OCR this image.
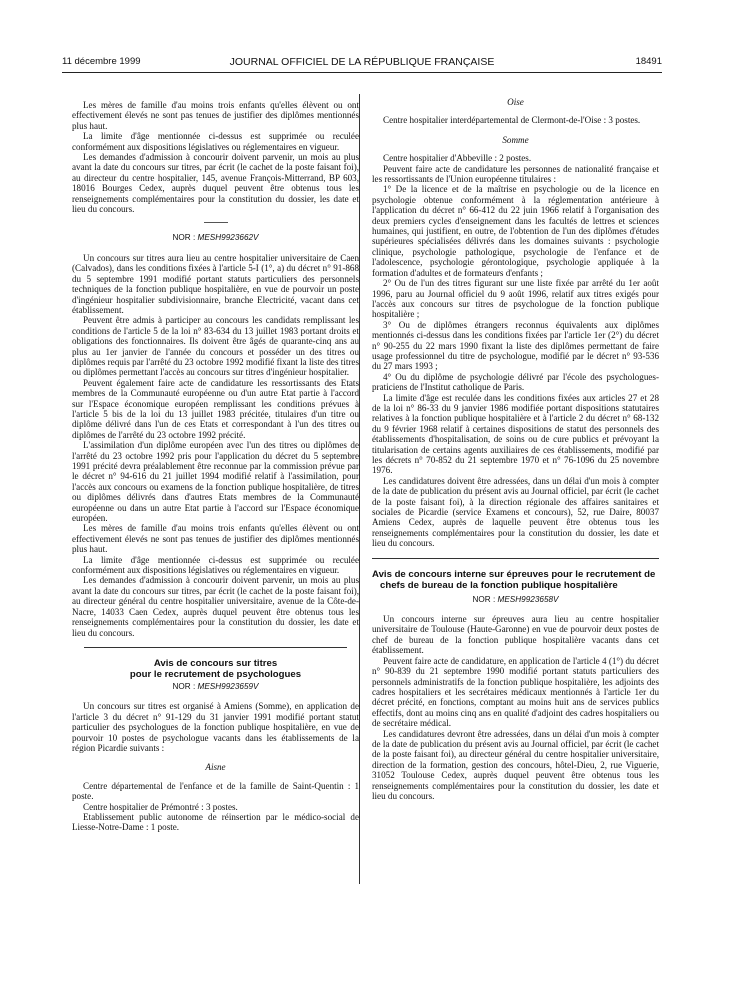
11 décembre 1999	JOURNAL OFFICIEL DE LA RÉPUBLIQUE FRANÇAISE	18491

Les mères de famille d'au moins trois enfants qu'elles élèvent ou ont effectivement élevés ne sont pas tenues de justifier des diplômes mentionnés plus haut.

La limite d'âge mentionnée ci-dessus est supprimée ou reculée conformément aux dispositions législatives ou réglementaires en vigueur.

Les demandes d'admission à concourir doivent parvenir, un mois au plus avant la date du concours sur titres, par écrit (le cachet de la poste faisant foi), au directeur du centre hospitalier, 145, avenue François-Mitterrand, BP 603, 18016 Bourges Cedex, auprès duquel peuvent être obtenus tous les renseignements complémentaires pour la constitution du dossier, les date et lieu du concours.

NOR : MESH9923662V

Un concours sur titres aura lieu au centre hospitalier universitaire de Caen (Calvados), dans les conditions fixées à l'article 5-I (1°, a) du décret n° 91-868 du 5 septembre 1991 modifié portant statuts particuliers des personnels techniques de la fonction publique hospitalière, en vue de pourvoir un poste d'ingénieur hospitalier subdivisionnaire, branche Electricité, vacant dans cet établissement.

Peuvent être admis à participer au concours les candidats remplissant les conditions de l'article 5 de la loi n° 83-634 du 13 juillet 1983 portant droits et obligations des fonctionnaires. Ils doivent être âgés de quarante-cinq ans au plus au 1er janvier de l'année du concours et posséder un des titres ou diplômes requis par l'arrêté du 23 octobre 1992 modifié fixant la liste des titres ou diplômes permettant l'accès au concours sur titres d'ingénieur hospitalier.

Peuvent également faire acte de candidature les ressortissants des Etats membres de la Communauté européenne ou d'un autre Etat partie à l'accord sur l'Espace économique européen remplissant les conditions prévues à l'article 5 bis de la loi du 13 juillet 1983 précitée, titulaires d'un titre ou diplôme délivré dans l'un de ces Etats et correspondant à l'un des titres ou diplômes de l'arrêté du 23 octobre 1992 précité.

L'assimilation d'un diplôme européen avec l'un des titres ou diplômes de l'arrêté du 23 octobre 1992 pris pour l'application du décret du 5 septembre 1991 précité devra préalablement être reconnue par la commission prévue par le décret n° 94-616 du 21 juillet 1994 modifié relatif à l'assimilation, pour l'accès aux concours ou examens de la fonction publique hospitalière, de titres ou diplômes délivrés dans d'autres Etats membres de la Communauté européenne ou dans un autre Etat partie à l'accord sur l'Espace économique européen.

Les mères de famille d'au moins trois enfants qu'elles élèvent ou ont effectivement élevés ne sont pas tenues de justifier des diplômes mentionnés plus haut.

La limite d'âge mentionnée ci-dessus est supprimée ou reculée conformément aux dispositions législatives ou réglementaires en vigueur.

Les demandes d'admission à concourir doivent parvenir, un mois au plus avant la date du concours sur titres, par écrit (le cachet de la poste faisant foi), au directeur général du centre hospitalier universitaire, avenue de la Côte-de-Nacre, 14033 Caen Cedex, auprès duquel peuvent être obtenus tous les renseignements complémentaires pour la constitution du dossier, les date et lieu du concours.

Avis de concours sur titres
pour le recrutement de psychologues
NOR : MESH9923659V

Un concours sur titres est organisé à Amiens (Somme), en application de l'article 3 du décret n° 91-129 du 31 janvier 1991 modifié portant statut particulier des psychologues de la fonction publique hospitalière, en vue de pourvoir 10 postes de psychologue vacants dans les établissements de la région Picardie suivants :

Aisne

Centre départemental de l'enfance et de la famille de Saint-Quentin : 1 poste.

Centre hospitalier de Prémontré : 3 postes.

Etablissement public autonome de réinsertion par le médico-social de Liesse-Notre-Dame : 1 poste.

Oise

Centre hospitalier interdépartemental de Clermont-de-l'Oise : 3 postes.

Somme

Centre hospitalier d'Abbeville : 2 postes.

Peuvent faire acte de candidature les personnes de nationalité française et les ressortissants de l'Union européenne titulaires :

1° De la licence et de la maîtrise en psychologie ou de la licence en psychologie obtenue conformément à la réglementation antérieure à l'application du décret n° 66-412 du 22 juin 1966 relatif à l'organisation des deux premiers cycles d'enseignement dans les facultés de lettres et sciences humaines, qui justifient, en outre, de l'obtention de l'un des diplômes d'études supérieures spécialisées délivrés dans les domaines suivants : psychologie clinique, psychologie pathologique, psychologie de l'enfance et de l'adolescence, psychologie gérontologique, psychologie appliquée à la formation d'adultes et de formateurs d'enfants ;

2° Ou de l'un des titres figurant sur une liste fixée par arrêté du 1er août 1996, paru au Journal officiel du 9 août 1996, relatif aux titres exigés pour l'accès aux concours sur titres de psychologue de la fonction publique hospitalière ;

3° Ou de diplômes étrangers reconnus équivalents aux diplômes mentionnés ci-dessus dans les conditions fixées par l'article 1er (2°) du décret n° 90-255 du 22 mars 1990 fixant la liste des diplômes permettant de faire usage professionnel du titre de psychologue, modifié par le décret n° 93-536 du 27 mars 1993 ;

4° Ou du diplôme de psychologie délivré par l'école des psychologues-praticiens de l'Institut catholique de Paris.

La limite d'âge est reculée dans les conditions fixées aux articles 27 et 28 de la loi n° 86-33 du 9 janvier 1986 modifiée portant dispositions statutaires relatives à la fonction publique hospitalière et à l'article 2 du décret n° 68-132 du 9 février 1968 relatif à certaines dispositions de statut des personnels des établissements d'hospitalisation, de soins ou de cure publics et prévoyant la titularisation de certains agents auxiliaires de ces établissements, modifié par les décrets n° 70-852 du 21 septembre 1970 et n° 76-1096 du 25 novembre 1976.

Les candidatures doivent être adressées, dans un délai d'un mois à compter de la date de publication du présent avis au Journal officiel, par écrit (le cachet de la poste faisant foi), à la direction régionale des affaires sanitaires et sociales de Picardie (service Examens et concours), 52, rue Daire, 80037 Amiens Cedex, auprès de laquelle peuvent être obtenus tous les renseignements complémentaires pour la constitution du dossier, les date et lieu du concours.

Avis de concours interne sur épreuves pour le recrutement de chefs de bureau de la fonction publique hospitalière
NOR : MESH9923658V

Un concours interne sur épreuves aura lieu au centre hospitalier universitaire de Toulouse (Haute-Garonne) en vue de pourvoir deux postes de chef de bureau de la fonction publique hospitalière vacants dans cet établissement.

Peuvent faire acte de candidature, en application de l'article 4 (1°) du décret n° 90-839 du 21 septembre 1990 modifié portant statuts particuliers des personnels administratifs de la fonction publique hospitalière, les adjoints des cadres hospitaliers et les secrétaires médicaux mentionnés à l'article 1er du décret précité, en fonctions, comptant au moins huit ans de services publics effectifs, dont au moins cinq ans en qualité d'adjoint des cadres hospitaliers ou de secrétaire médical.

Les candidatures devront être adressées, dans un délai d'un mois à compter de la date de publication du présent avis au Journal officiel, par écrit (le cachet de la poste faisant foi), au directeur général du centre hospitalier universitaire, direction de la formation, gestion des concours, hôtel-Dieu, 2, rue Viguerie, 31052 Toulouse Cedex, auprès duquel peuvent être obtenus tous les renseignements complémentaires pour la constitution du dossier, les date et lieu du concours.
